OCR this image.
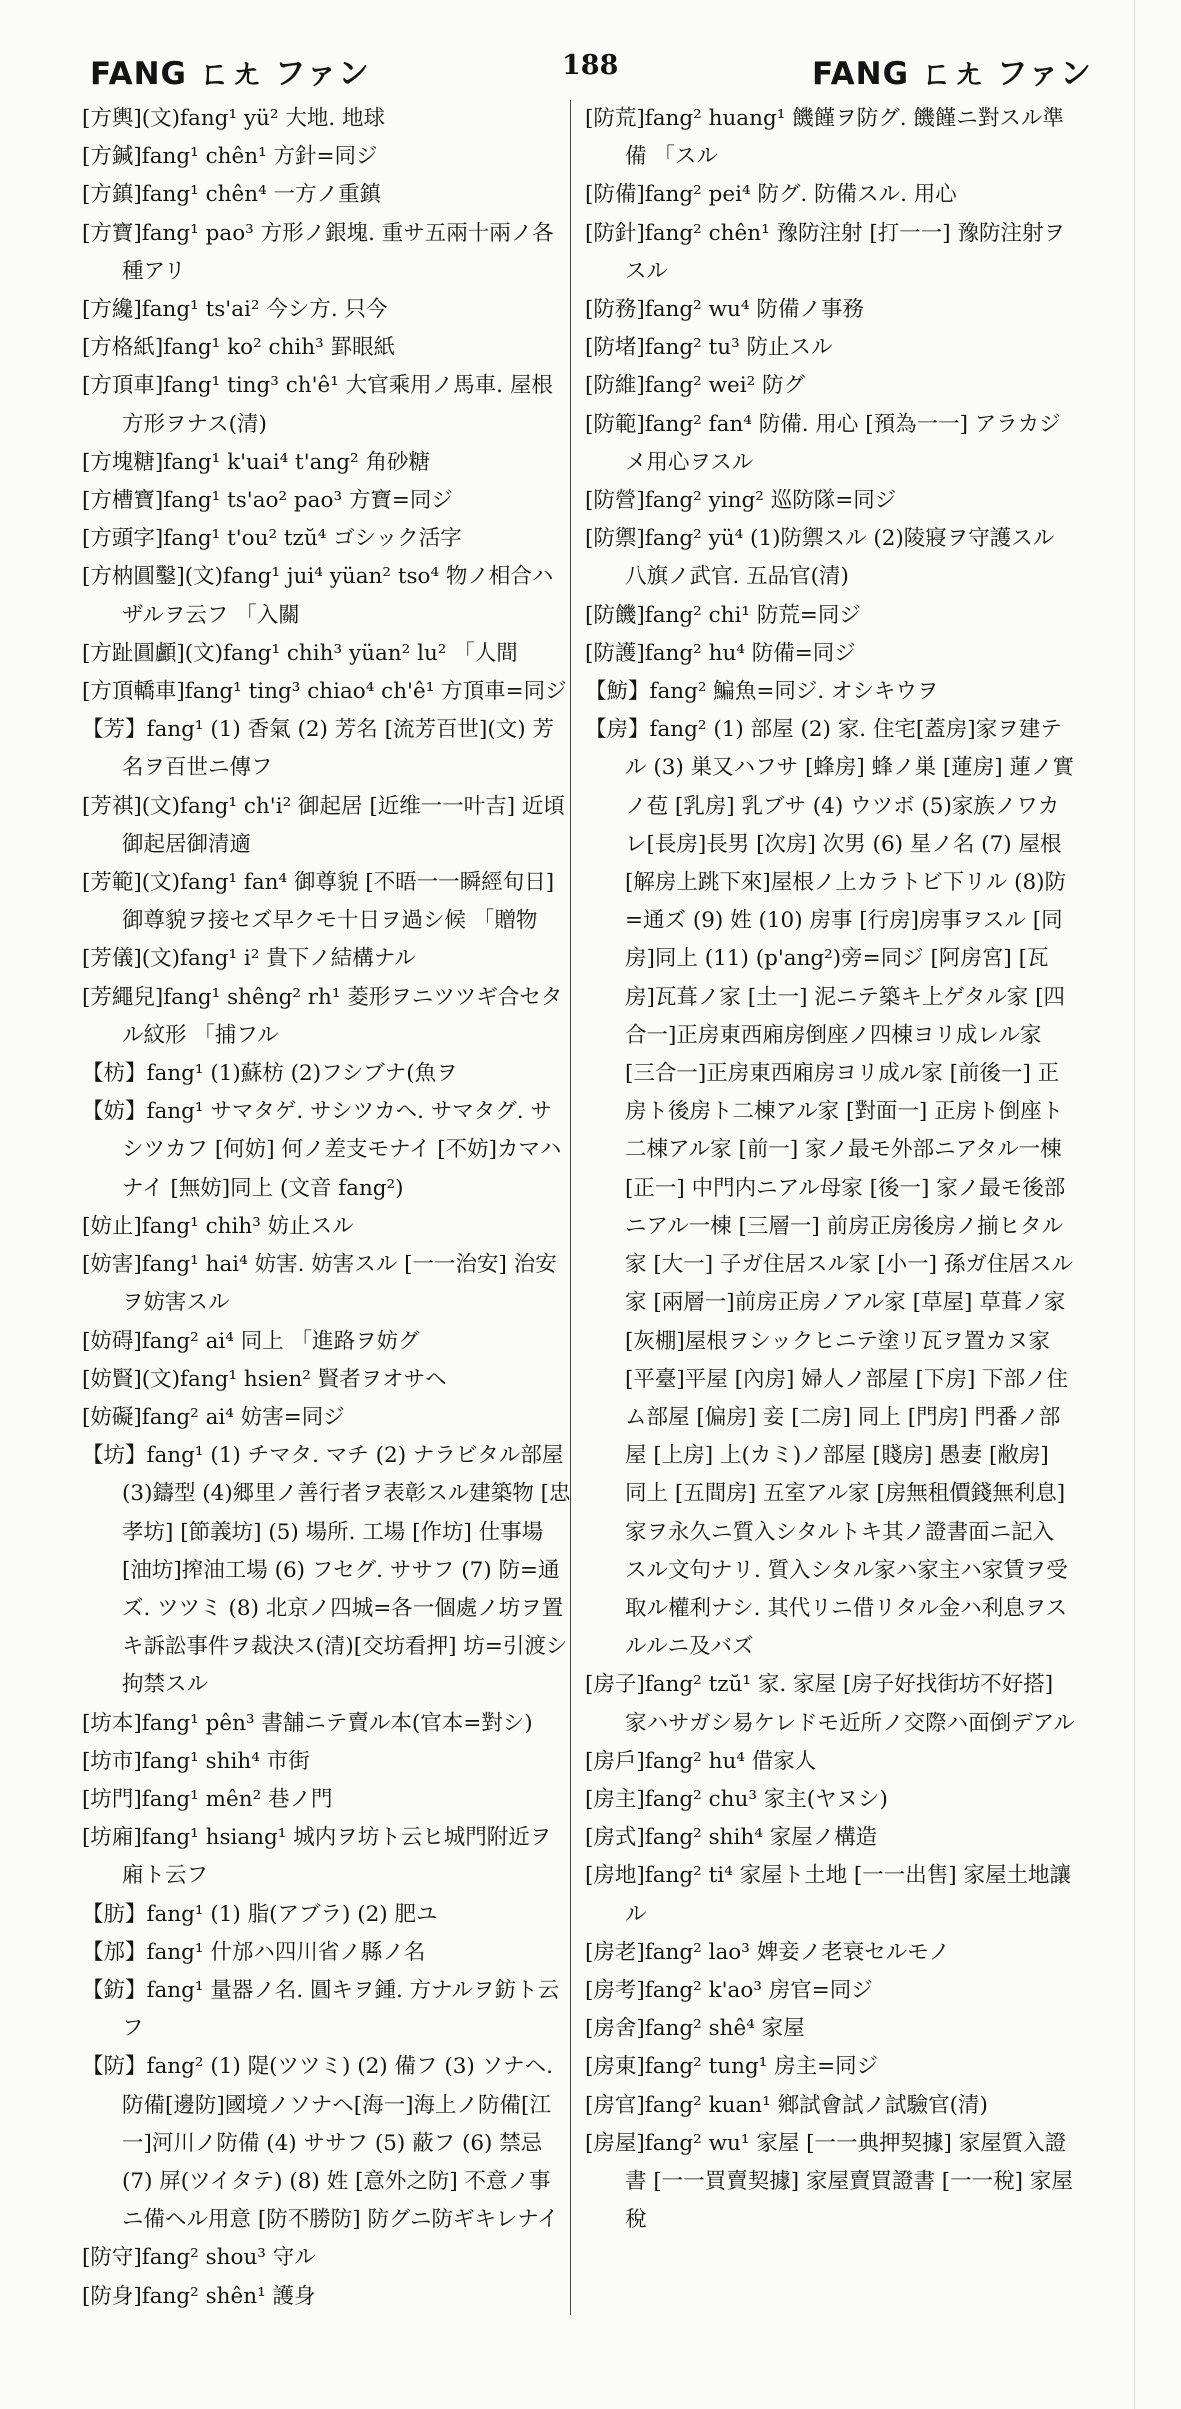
FANG ㄈㄤ ファン	188	FANG ㄈㄤ ファン
[方輿](文)fang¹ yü² 大地. 地球
[方鍼]fang¹ chên¹ 方針=同ジ
[方鎮]fang¹ chên⁴ 一方ノ重鎮
[方寶]fang¹ pao³ 方形ノ銀塊. 重サ五兩十兩ノ各種アリ
[方纔]fang¹ ts'ai² 今シ方. 只今
[方格紙]fang¹ ko² chih³ 罫眼紙
[方頂車]fang¹ ting³ ch'ê¹ 大官乘用ノ馬車. 屋根方形ヲナス(清)
[方塊糖]fang¹ k'uai⁴ t'ang² 角砂糖
[方槽寶]fang¹ ts'ao² pao³ 方寶=同ジ
[方頭字]fang¹ t'ou² tzŭ⁴ ゴシック活字
[方枘圓鑿](文)fang¹ jui⁴ yüan² tso⁴ 物ノ相合ハザルヲ云フ 「入關
[方趾圓顱](文)fang¹ chih³ yüan² lu² 「人間
[方頂轎車]fang¹ ting³ chiao⁴ ch'ê¹ 方頂車=同ジ
【芳】fang¹ (1) 香氣 (2) 芳名 [流芳百世](文) 芳名ヲ百世ニ傳フ
[芳祺](文)fang¹ ch'i² 御起居 [近维一一叶吉] 近頃御起居御清適
[芳範](文)fang¹ fan⁴ 御尊貌 [不晤一一瞬經旬日] 御尊貌ヲ接セズ早クモ十日ヲ過シ候 「贈物
[芳儀](文)fang¹ i² 貴下ノ結構ナル
[芳繩兒]fang¹ shêng² rh¹ 菱形ヲニツツギ合セタル紋形 「捕フル
【枋】fang¹ (1)蘇枋 (2)フシブナ(魚ヲ
【妨】fang¹ サマタゲ. サシツカヘ. サマタグ. サシツカフ [何妨] 何ノ差支モナイ [不妨]カマハナイ [無妨]同上 (文音 fang²)
[妨止]fang¹ chih³ 妨止スル
[妨害]fang¹ hai⁴ 妨害. 妨害スル [一一治安] 治安ヲ妨害スル
[妨碍]fang² ai⁴ 同上 「進路ヲ妨グ
[妨賢](文)fang¹ hsien² 賢者ヲオサヘ
[妨礙]fang² ai⁴ 妨害=同ジ
【坊】fang¹ (1) チマタ. マチ (2) ナラビタル部屋 (3)鑄型 (4)郷里ノ善行者ヲ表彰スル建築物 [忠孝坊] [節義坊] (5) 場所. 工場 [作坊] 仕事場 [油坊]搾油工場 (6) フセグ. ササフ (7) 防=通ズ. ツツミ (8) 北京ノ四城=各一個處ノ坊ヲ置キ訴訟事件ヲ裁決ス(清)[交坊看押] 坊=引渡シ拘禁スル
[坊本]fang¹ pên³ 書舗ニテ賣ル本(官本=對シ)
[坊市]fang¹ shih⁴ 市街
[坊門]fang¹ mên² 巷ノ門
[坊廂]fang¹ hsiang¹ 城内ヲ坊ト云ヒ城門附近ヲ廂ト云フ
【肪】fang¹ (1) 脂(アブラ) (2) 肥ユ
【邡】fang¹ 什邡ハ四川省ノ縣ノ名
【鈁】fang¹ 量器ノ名. 圓キヲ鍾. 方ナルヲ鈁ト云フ
【防】fang² (1) 隄(ツツミ) (2) 備フ (3) ソナヘ. 防備[邊防]國境ノソナヘ[海一]海上ノ防備[江一]河川ノ防備 (4) ササフ (5) 蔽フ (6) 禁忌 (7) 屏(ツイタテ) (8) 姓 [意外之防] 不意ノ事ニ備ヘル用意 [防不勝防] 防グニ防ギキレナイ
[防守]fang² shou³ 守ル
[防身]fang² shên¹ 護身
[防荒]fang² huang¹ 饑饉ヲ防グ. 饑饉ニ對スル準備 「スル
[防備]fang² pei⁴ 防グ. 防備スル. 用心
[防針]fang² chên¹ 豫防注射 [打一一] 豫防注射ヲスル
[防務]fang² wu⁴ 防備ノ事務
[防堵]fang² tu³ 防止スル
[防維]fang² wei² 防グ
[防範]fang² fan⁴ 防備. 用心 [預為一一] アラカジメ用心ヲスル
[防營]fang² ying² 巡防隊=同ジ
[防禦]fang² yü⁴ (1)防禦スル (2)陵寢ヲ守護スル八旗ノ武官. 五品官(清)
[防饑]fang² chi¹ 防荒=同ジ
[防護]fang² hu⁴ 防備=同ジ
【魴】fang² 鯿魚=同ジ. オシキウヲ
【房】fang² (1) 部屋 (2) 家. 住宅[蓋房]家ヲ建テル (3) 巣又ハフサ [蜂房] 蜂ノ巣 [蓮房] 蓮ノ實ノ苞 [乳房] 乳ブサ (4) ウツボ (5)家族ノワカレ[長房]長男 [次房] 次男 (6) 星ノ名 (7) 屋根 [解房上跳下來]屋根ノ上カラトビ下リル (8)防=通ズ (9) 姓 (10) 房事 [行房]房事ヲスル [同房]同上 (11) (p'ang²)旁=同ジ [阿房宮] [瓦房]瓦葺ノ家 [土一] 泥ニテ築キ上ゲタル家 [四合一]正房東西廂房倒座ノ四棟ヨリ成レル家 [三合一]正房東西廂房ヨリ成ル家 [前後一] 正房ト後房ト二棟アル家 [對面一] 正房ト倒座ト二棟アル家 [前一] 家ノ最モ外部ニアタル一棟 [正一] 中門内ニアル母家 [後一] 家ノ最モ後部ニアル一棟 [三層一] 前房正房後房ノ揃ヒタル家 [大一] 子ガ住居スル家 [小一] 孫ガ住居スル家 [兩層一]前房正房ノアル家 [草屋] 草葺ノ家 [灰棚]屋根ヲシックヒニテ塗リ瓦ヲ置カヌ家 [平臺]平屋 [內房] 婦人ノ部屋 [下房] 下部ノ住ム部屋 [偏房] 妾 [二房] 同上 [門房] 門番ノ部屋 [上房] 上(カミ)ノ部屋 [賤房] 愚妻 [敝房] 同上 [五間房] 五室アル家 [房無租價錢無利息] 家ヲ永久ニ質入シタルトキ其ノ證書面ニ記入スル文句ナリ. 質入シタル家ハ家主ハ家賃ヲ受取ル權利ナシ. 其代リニ借リタル金ハ利息ヲスルルニ及バズ
[房子]fang² tzŭ¹ 家. 家屋 [房子好找街坊不好搭] 家ハサガシ易ケレドモ近所ノ交際ハ面倒デアル
[房戶]fang² hu⁴ 借家人
[房主]fang² chu³ 家主(ヤヌシ)
[房式]fang² shih⁴ 家屋ノ構造
[房地]fang² ti⁴ 家屋ト土地 [一一出售] 家屋土地讓ル
[房老]fang² lao³ 婢妾ノ老衰セルモノ
[房考]fang² k'ao³ 房官=同ジ
[房舍]fang² shê⁴ 家屋
[房東]fang² tung¹ 房主=同ジ
[房官]fang² kuan¹ 鄉試會試ノ試驗官(清)
[房屋]fang² wu¹ 家屋 [一一典押契據] 家屋質入證書 [一一買賣契據] 家屋賣買證書 [一一稅] 家屋稅
